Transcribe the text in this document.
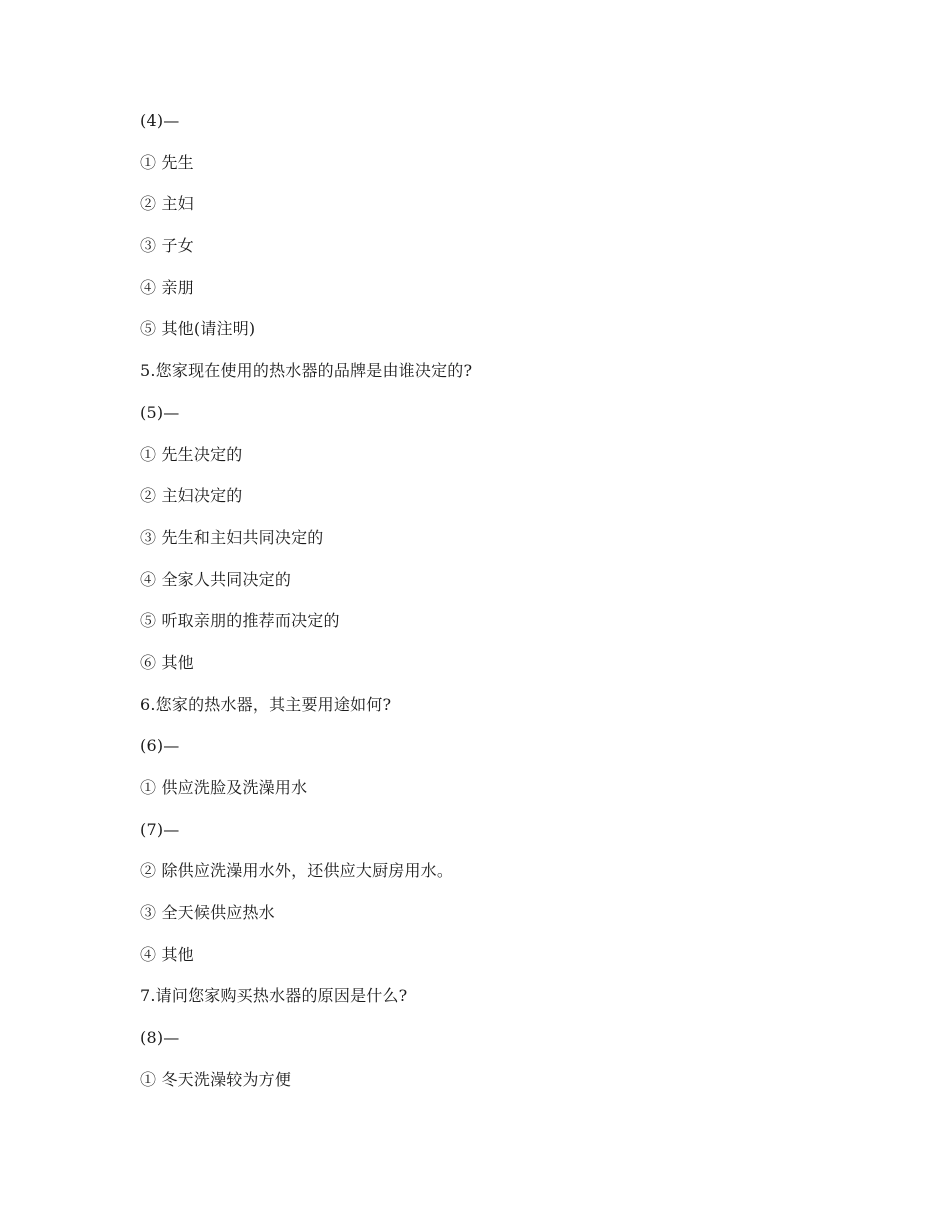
(4)—
① 先生
② 主妇
③ 子女
④ 亲朋
⑤ 其他(请注明)
5.您家现在使用的热水器的品牌是由谁决定的?
(5)—
① 先生决定的
② 主妇决定的
③ 先生和主妇共同决定的
④ 全家人共同决定的
⑤ 听取亲朋的推荐而决定的
⑥ 其他
6.您家的热水器，其主要用途如何?
(6)—
① 供应洗脸及洗澡用水
(7)—
② 除供应洗澡用水外，还供应大厨房用水。
③ 全天候供应热水
④ 其他
7.请问您家购买热水器的原因是什么?
(8)—
① 冬天洗澡较为方便
